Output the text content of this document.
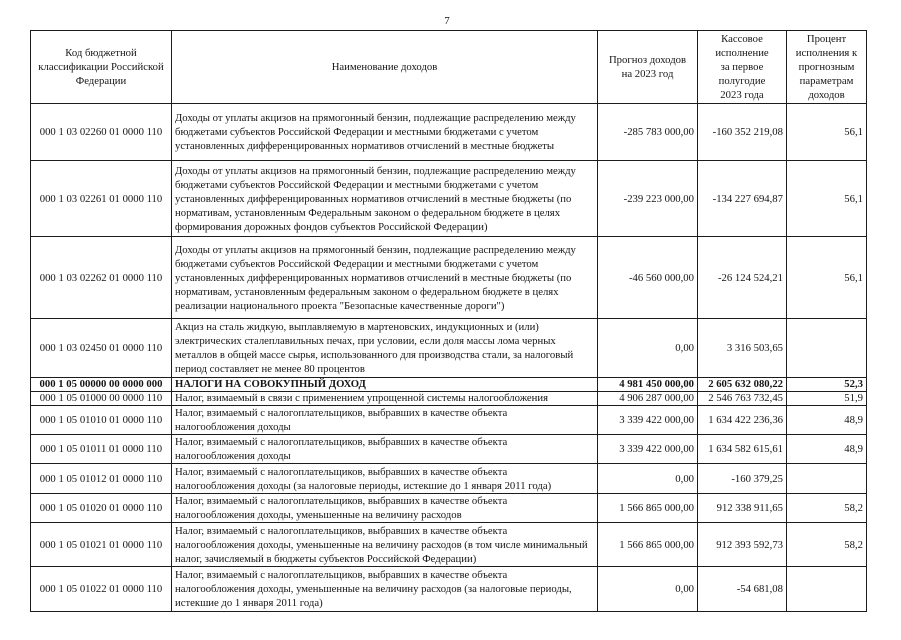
7
Код бюджетной
классификации Российской
Федерации	Наименование доходов	Прогноз доходов
на 2023 год	Кассовое
исполнение
за первое
полугодие
2023 года	Процент
исполнения к
прогнозным
параметрам
доходов

000 1 03 02260 01 0000 110	Доходы от уплаты акцизов на прямогонный бензин, подлежащие распределению между
бюджетами субъектов Российской Федерации и местными бюджетами с учетом
установленных дифференцированных нормативов отчислений в местные бюджеты	-285 783 000,00	-160 352 219,08	56,1
000 1 03 02261 01 0000 110	Доходы от уплаты акцизов на прямогонный бензин, подлежащие распределению между
бюджетами субъектов Российской Федерации и местными бюджетами с учетом
установленных дифференцированных нормативов отчислений в местные бюджеты (по
нормативам, установленным Федеральным законом о федеральном бюджете в целях
формирования дорожных фондов субъектов Российской Федерации)	-239 223 000,00	-134 227 694,87	56,1
000 1 03 02262 01 0000 110	Доходы от уплаты акцизов на прямогонный бензин, подлежащие распределению между
бюджетами субъектов Российской Федерации и местными бюджетами с учетом
установленных дифференцированных нормативов отчислений в местные бюджеты (по
нормативам, установленным федеральным законом о федеральном бюджете в целях
реализации национального проекта "Безопасные качественные дороги")	-46 560 000,00	-26 124 524,21	56,1
000 1 03 02450 01 0000 110	Акциз на сталь жидкую, выплавляемую в мартеновских, индукционных и (или)
электрических сталеплавильных печах, при условии, если доля массы лома черных
металлов в общей массе сырья, использованного для производства стали, за налоговый
период составляет не менее 80 процентов	0,00	3 316 503,65	
000 1 05 00000 00 0000 000	НАЛОГИ НА СОВОКУПНЫЙ ДОХОД	4 981 450 000,00	2 605 632 080,22	52,3
000 1 05 01000 00 0000 110	Налог, взимаемый в связи с применением упрощенной системы налогообложения	4 906 287 000,00	2 546 763 732,45	51,9
000 1 05 01010 01 0000 110	Налог, взимаемый с налогоплательщиков, выбравших в качестве объекта
налогообложения доходы	3 339 422 000,00	1 634 422 236,36	48,9
000 1 05 01011 01 0000 110	Налог, взимаемый с налогоплательщиков, выбравших в качестве объекта
налогообложения доходы	3 339 422 000,00	1 634 582 615,61	48,9
000 1 05 01012 01 0000 110	Налог, взимаемый с налогоплательщиков, выбравших в качестве объекта
налогообложения доходы (за налоговые периоды, истекшие до 1 января 2011 года)	0,00	-160 379,25	
000 1 05 01020 01 0000 110	Налог, взимаемый с налогоплательщиков, выбравших в качестве объекта
налогообложения доходы, уменьшенные на величину расходов	1 566 865 000,00	912 338 911,65	58,2
000 1 05 01021 01 0000 110	Налог, взимаемый с налогоплательщиков, выбравших в качестве объекта
налогообложения доходы, уменьшенные на величину расходов (в том числе минимальный
налог, зачисляемый в бюджеты субъектов Российской Федерации)	1 566 865 000,00	912 393 592,73	58,2
000 1 05 01022 01 0000 110	Налог, взимаемый с налогоплательщиков, выбравших в качестве объекта
налогообложения доходы, уменьшенные на величину расходов (за налоговые периоды,
истекшие до 1 января 2011 года)	0,00	-54 681,08	
